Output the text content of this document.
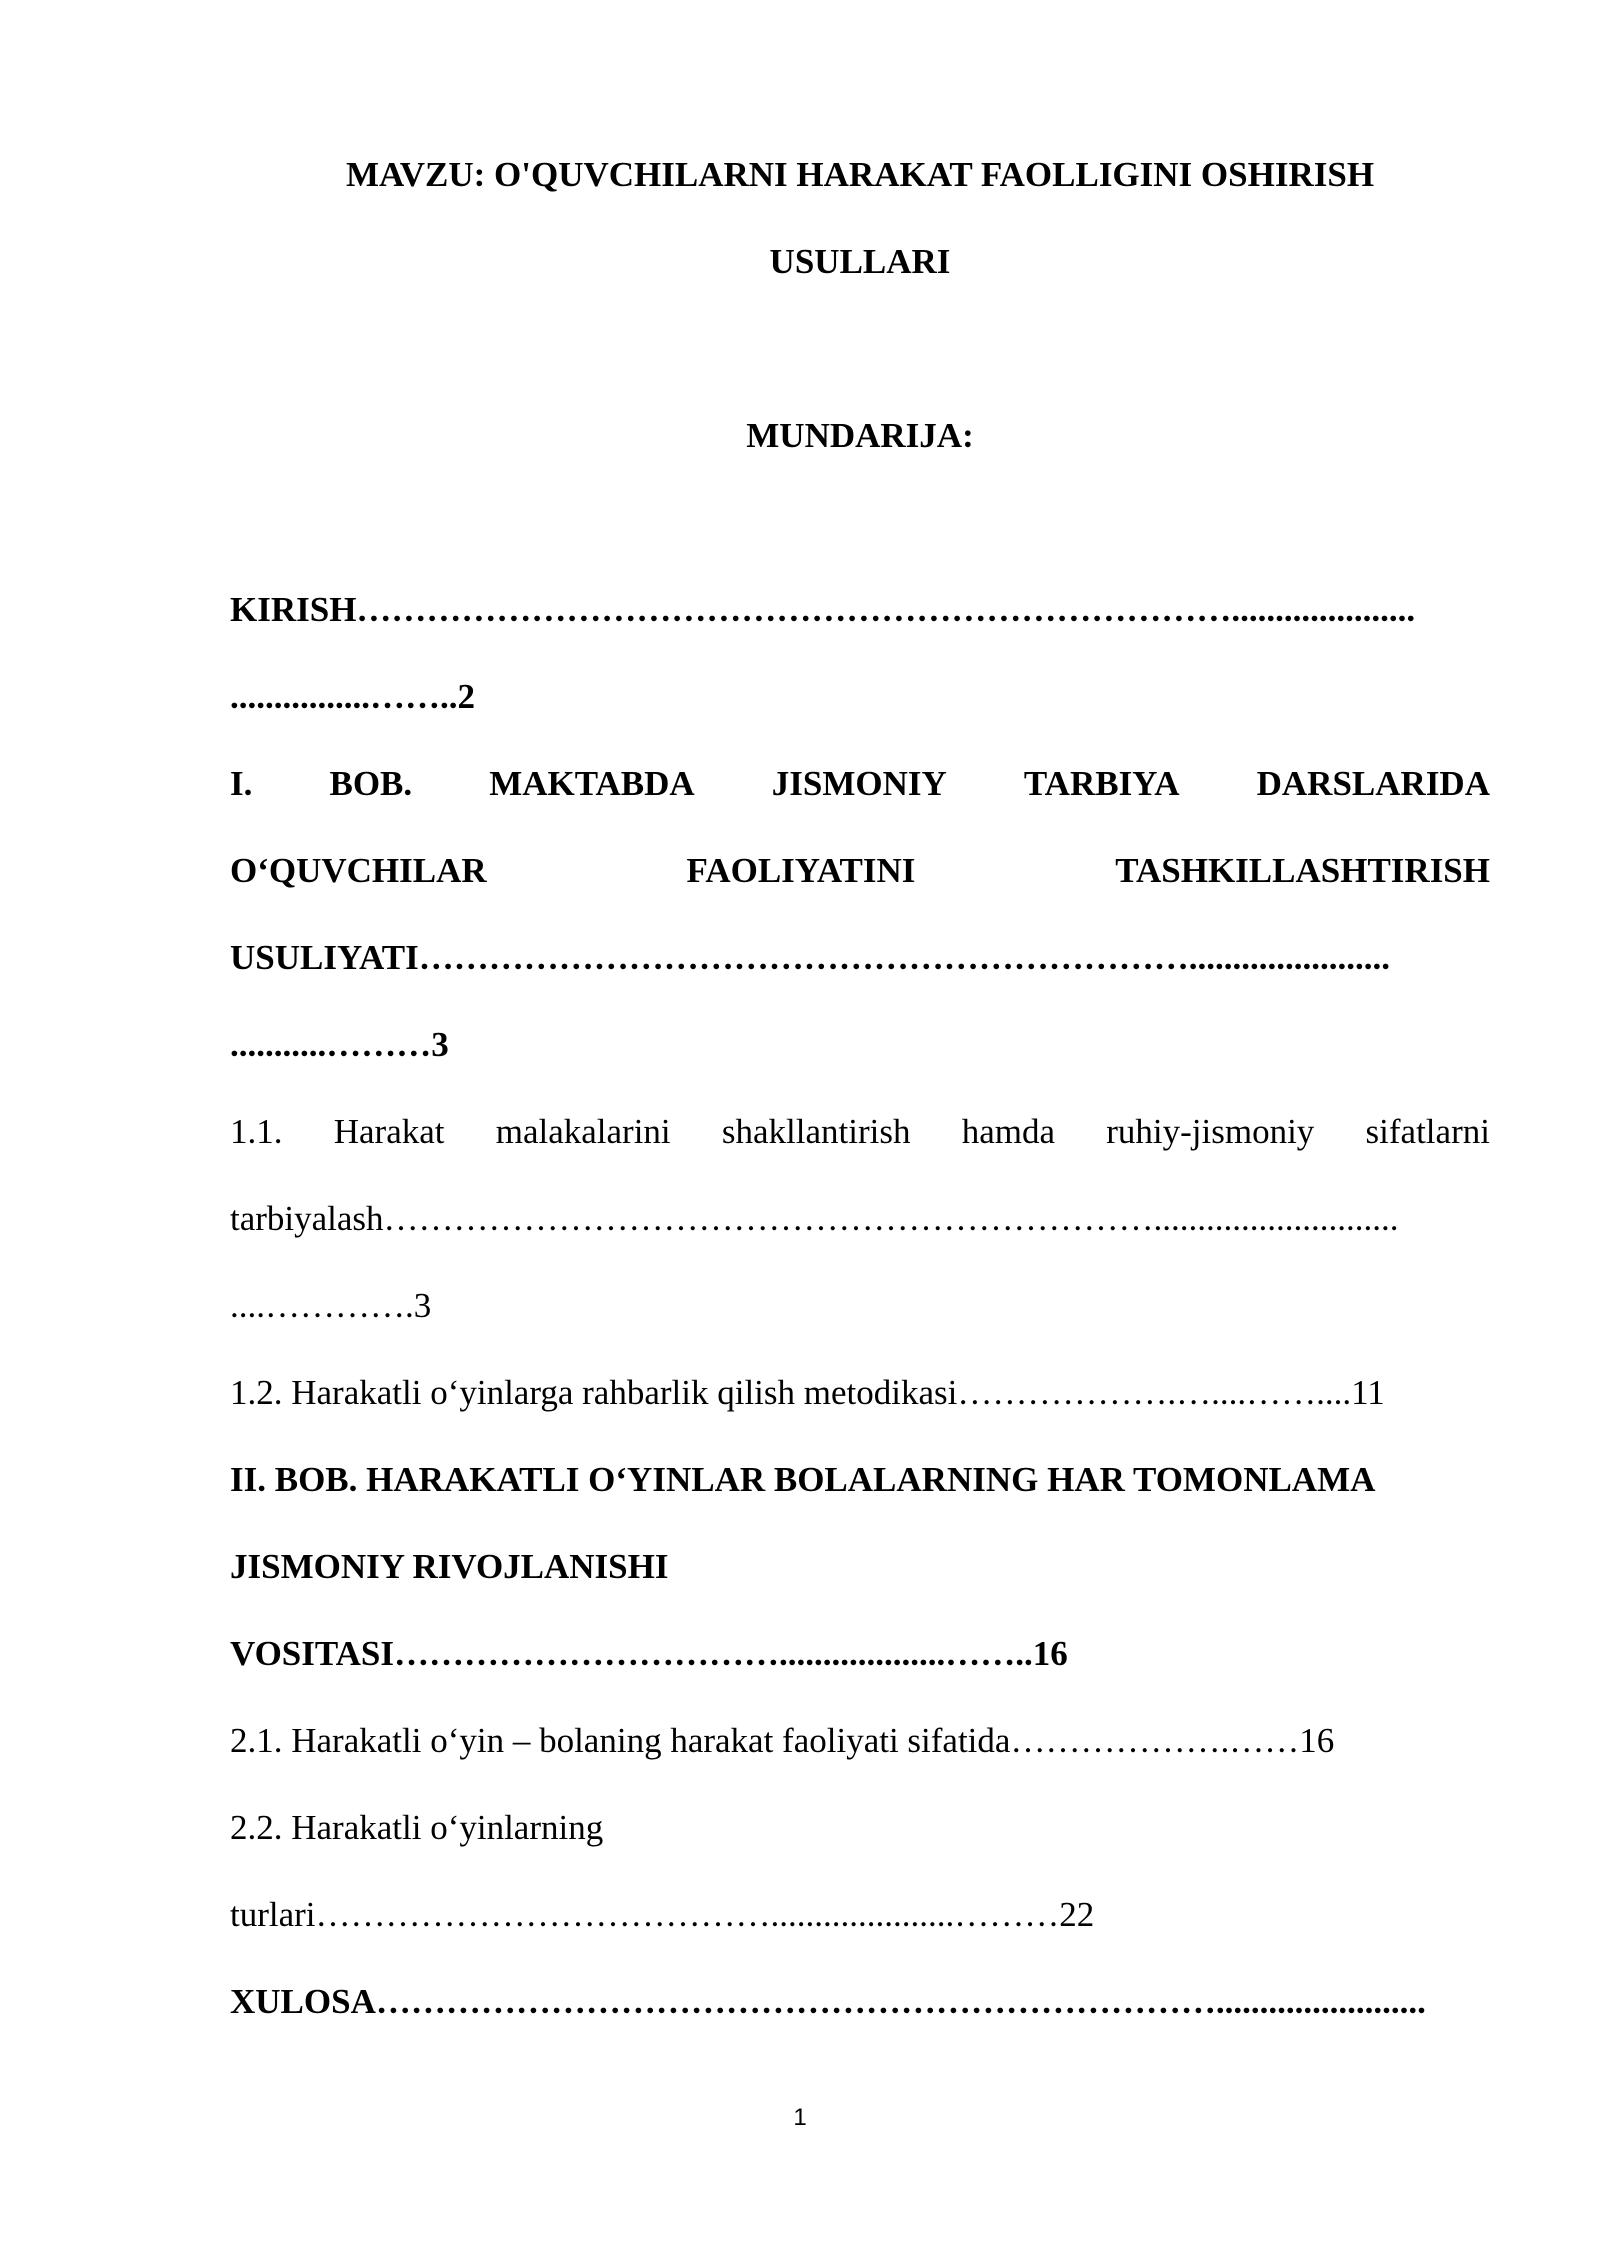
MAVZU: O'QUVCHILARNI HARAKAT FAOLLIGINI OSHIRISH
USULLARI
MUNDARIJA:
KIRISH………………………………………………………………….....................
................……..2
I. BOB. MAKTABDA JISMONIY TARBIYA DARSLARIDA
O‘QUVCHILAR	FAOLIYATINI	TASHKILLASHTIRISH
USULIYATI………………………………………………………….......................
...........………3
1.1. Harakat malakalarini shakllantirish hamda ruhiy-jismoniy sifatlarni
tarbiyalash…………………………………………………………............................
....………….3
1.2. Harakatli o‘yinlarga rahbarlik qilish metodikasi……………….…....……....11
II. BOB. HARAKATLI O‘YINLAR BOLALARNING HAR TOMONLAMA
JISMONIY RIVOJLANISHI
VOSITASI……………………………...................……..16
2.1. Harakatli o‘yin – bolaning harakat faoliyati sifatida……………….……16
2.2. Harakatli o‘yinlarning
turlari………………………………….....................………22
XULOSA………………………………………………………………........................
1
